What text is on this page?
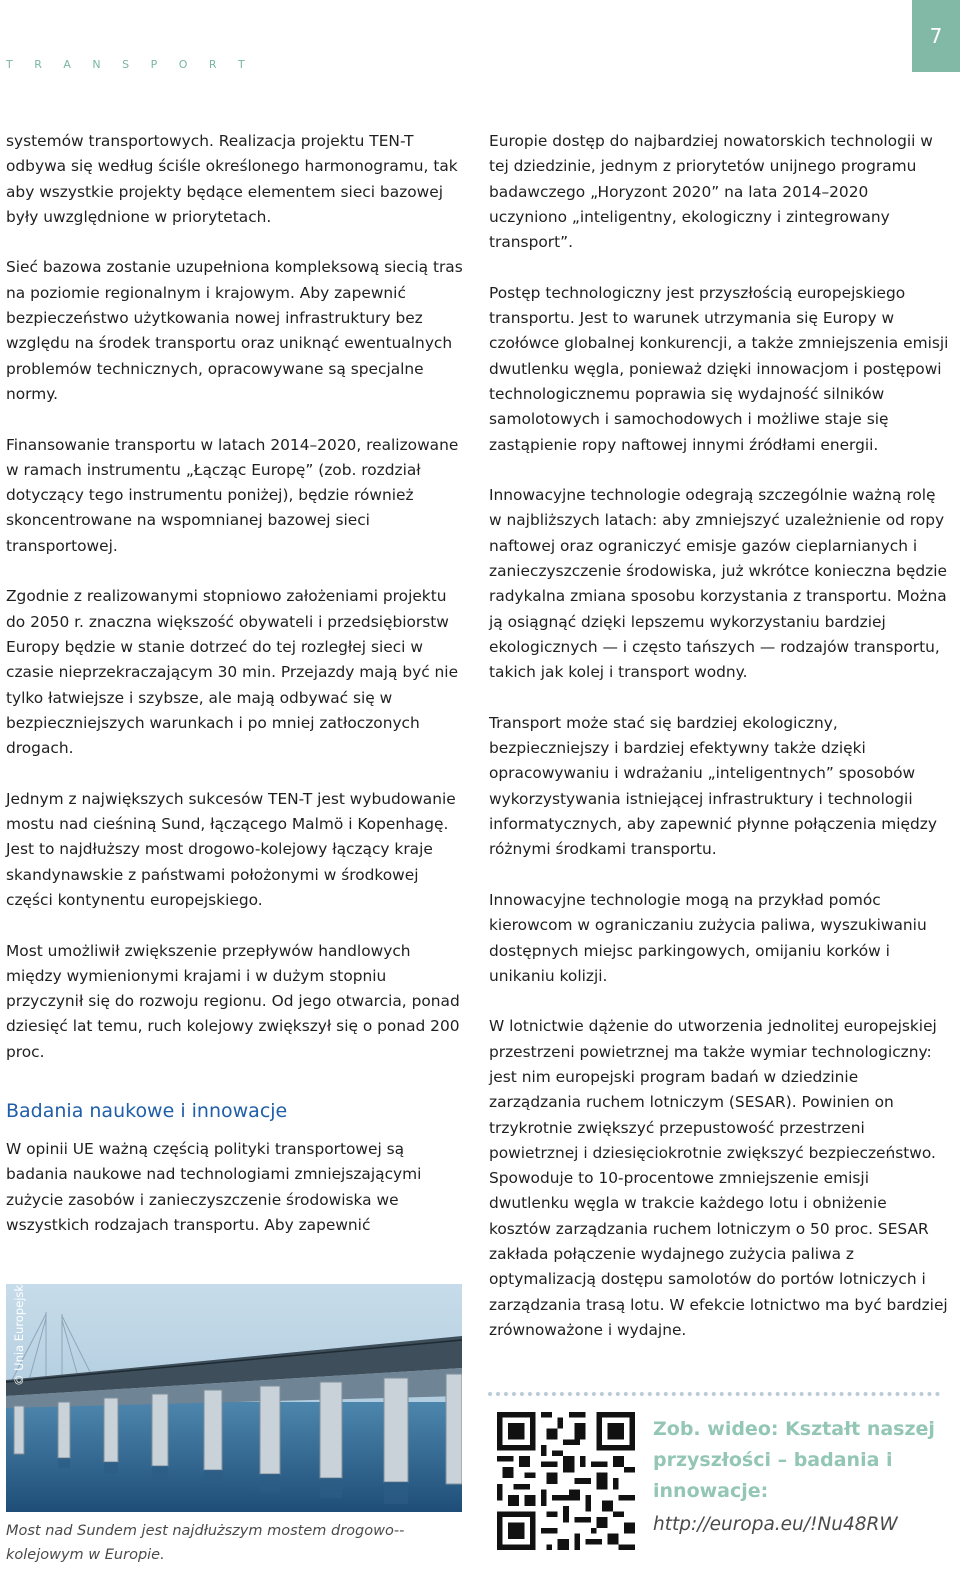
T R A N S P O R T
7

systemów transportowych. Realizacja projektu TEN-T odbywa się według ściśle określonego harmonogramu, tak aby wszystkie projekty będące elementem sieci bazowej były uwzględnione w priorytetach.

Sieć bazowa zostanie uzupełniona kompleksową siecią tras na poziomie regionalnym i krajowym. Aby zapewnić bezpieczeństwo użytkowania nowej infrastruktury bez względu na środek transportu oraz uniknąć ewentualnych problemów technicznych, opracowywane są specjalne normy.

Finansowanie transportu w latach 2014–2020, realizowane w ramach instrumentu „Łącząc Europę” (zob. rozdział dotyczący tego instrumentu poniżej), będzie również skoncentrowane na wspomnianej bazowej sieci transportowej.

Zgodnie z realizowanymi stopniowo założeniami projektu do 2050 r. znaczna większość obywateli i przedsiębiorstw Europy będzie w stanie dotrzeć do tej rozległej sieci w czasie nieprzekraczającym 30 min. Przejazdy mają być nie tylko łatwiejsze i szybsze, ale mają odbywać się w bezpieczniejszych warunkach i po mniej zatłoczonych drogach.

Jednym z największych sukcesów TEN-T jest wybudowanie mostu nad cieśniną Sund, łączącego Malmö i Kopenhagę. Jest to najdłuższy most drogowo-kolejowy łączący kraje skandynawskie z państwami położonymi w środkowej części kontynentu europejskiego.

Most umożliwił zwiększenie przepływów handlowych między wymienionymi krajami i w dużym stopniu przyczynił się do rozwoju regionu. Od jego otwarcia, ponad dziesięć lat temu, ruch kolejowy zwiększył się o ponad 200 proc.

Badania naukowe i innowacje

W opinii UE ważną częścią polityki transportowej są badania naukowe nad technologiami zmniejszającymi zużycie zasobów i zanieczyszczenie środowiska we wszystkich rodzajach transportu. Aby zapewnić

Europie dostęp do najbardziej nowatorskich technologii w tej dziedzinie, jednym z priorytetów unijnego programu badawczego „Horyzont 2020” na lata 2014–2020 uczyniono „inteligentny, ekologiczny i zintegrowany transport”.

Postęp technologiczny jest przyszłością europejskiego transportu. Jest to warunek utrzymania się Europy w czołówce globalnej konkurencji, a także zmniejszenia emisji dwutlenku węgla, ponieważ dzięki innowacjom i postępowi technologicznemu poprawia się wydajność silników samolotowych i samochodowych i możliwe staje się zastąpienie ropy naftowej innymi źródłami energii.

Innowacyjne technologie odegrają szczególnie ważną rolę w najbliższych latach: aby zmniejszyć uzależnienie od ropy naftowej oraz ograniczyć emisje gazów cieplarnianych i zanieczyszczenie środowiska, już wkrótce konieczna będzie radykalna zmiana sposobu korzystania z transportu. Można ją osiągnąć dzięki lepszemu wykorzystaniu bardziej ekologicznych — i często tańszych — rodzajów transportu, takich jak kolej i transport wodny.

Transport może stać się bardziej ekologiczny, bezpieczniejszy i bardziej efektywny także dzięki opracowywaniu i wdrażaniu „inteligentnych” sposobów wykorzystywania istniejącej infrastruktury i technologii informatycznych, aby zapewnić płynne połączenia między różnymi środkami transportu.

Innowacyjne technologie mogą na przykład pomóc kierowcom w ograniczaniu zużycia paliwa, wyszukiwaniu dostępnych miejsc parkingowych, omijaniu korków i unikaniu kolizji.

W lotnictwie dążenie do utworzenia jednolitej europejskiej przestrzeni powietrznej ma także wymiar technologiczny: jest nim europejski program badań w dziedzinie zarządzania ruchem lotniczym (SESAR). Powinien on trzykrotnie zwiększyć przepustowość przestrzeni powietrznej i dziesięciokrotnie zwiększyć bezpieczeństwo. Spowoduje to 10-procentowe zmniejszenie emisji dwutlenku węgla w trakcie każdego lotu i obniżenie kosztów zarządzania ruchem lotniczym o 50 proc. SESAR zakłada połączenie wydajnego zużycia paliwa z optymalizacją dostępu samolotów do portów lotniczych i zarządzania trasą lotu. W efekcie lotnictwo ma być bardziej zrównoważone i wydajne.

© Unia Europejska
Most nad Sundem jest najdłuższym mostem drogowo--kolejowym w Europie.
Zob. wideo: Kształt naszej przyszłości – badania i innowacje:
http://europa.eu/!Nu48RW
